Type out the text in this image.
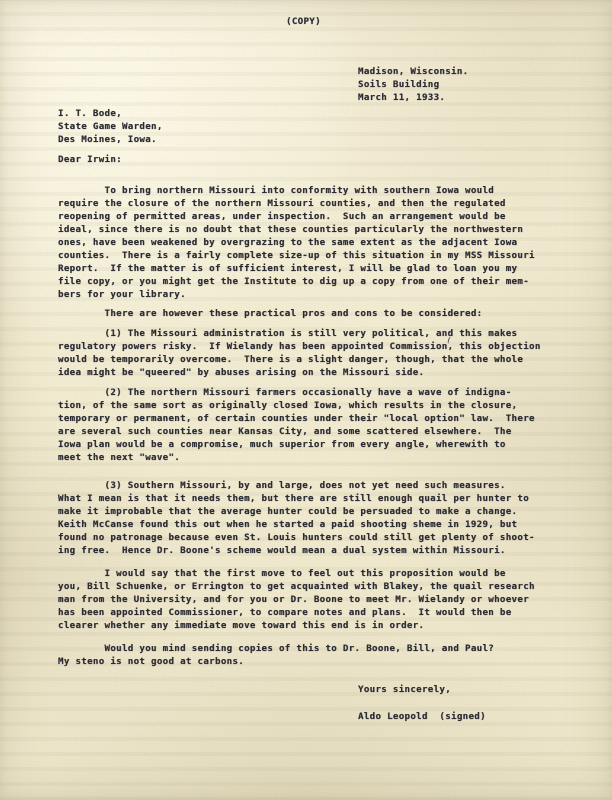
(COPY)
Madison, Wisconsin.
Soils Building
March 11, 1933.
I. T. Bode,
State Game Warden,
Des Moines, Iowa.
Dear Irwin:
To bring northern Missouri into conformity with southern Iowa would
require the closure of the northern Missouri counties, and then the regulated
reopening of permitted areas, under inspection.  Such an arrangement would be
ideal, since there is no doubt that these counties particularly the northwestern
ones, have been weakened by overgrazing to the same extent as the adjacent Iowa
counties.  There is a fairly complete size-up of this situation in my MSS Missouri
Report.  If the matter is of sufficient interest, I will be glad to loan you my
file copy, or you might get the Institute to dig up a copy from one of their mem-
bers for your library.
There are however these practical pros and cons to be considered:
(1) The Missouri administration is still very political, and this makes
regulatory powers risky.  If Wielandy has been appointed Commission, this objection
would be temporarily overcome.  There is a slight danger, though, that the whole
idea might be "queered" by abuses arising on the Missouri side.
(2) The northern Missouri farmers occasionally have a wave of indigna-
tion, of the same sort as originally closed Iowa, which results in the closure,
temporary or permanent, of certain counties under their "local option" law.  There
are several such counties near Kansas City, and some scattered elsewhere.  The
Iowa plan would be a compromise, much superior from every angle, wherewith to
meet the next "wave".
(3) Southern Missouri, by and large, does not yet need such measures.
What I mean is that it needs them, but there are still enough quail per hunter to
make it improbable that the average hunter could be persuaded to make a change.
Keith McCanse found this out when he started a paid shooting sheme in 1929, but
found no patronage because even St. Louis hunters could still get plenty of shoot-
ing free.  Hence Dr. Boone's scheme would mean a dual system within Missouri.
I would say that the first move to feel out this proposition would be
you, Bill Schuenke, or Errington to get acquainted with Blakey, the quail research
man from the University, and for you or Dr. Boone to meet Mr. Wielandy or whoever
has been appointed Commissioner, to compare notes and plans.  It would then be
clearer whether any immediate move toward this end is in order.
Would you mind sending copies of this to Dr. Boone, Bill, and Paul?
My steno is not good at carbons.
Yours sincerely,
Aldo Leopold  (signed)
